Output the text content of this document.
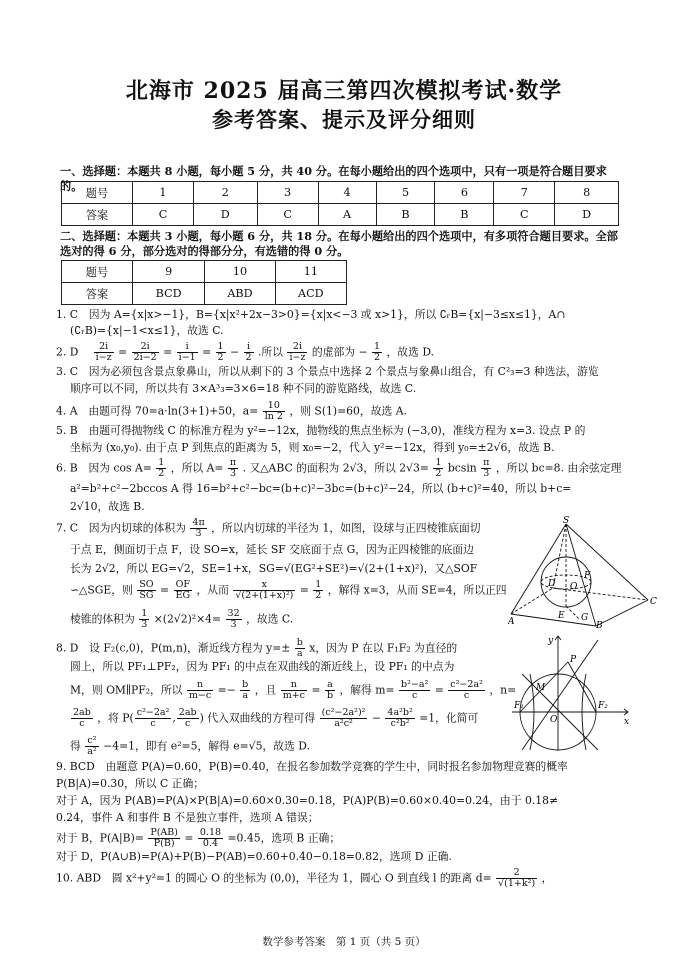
北海市 2025 届高三第四次模拟考试·数学
参考答案、提示及评分细则
一、选择题：本题共 8 小题，每小题 5 分，共 40 分。在每小题给出的四个选项中，只有一项是符合题目要求的。 题号	1	2	3	4	5	6	7	8
答案	C	D	C	A	B	B	C	D
二、选择题：本题共 3 小题，每小题 6 分，共 18 分。在每小题给出的四个选项中，有多项符合题目要求。全部选对的得 6 分，部分选对的得部分分，有选错的得 0 分。
题号	9	10	11
答案	BCD	ABD	ACD
1. C　因为 A={x|x>−1}，B={x|x²+2x−3>0}={x|x<−3 或 x>1}，所以 ∁ᵣB={x|−3≤x≤1}，A∩
(∁ᵣB)={x|−1<x≤1}，故选 C.
2. D　 $\frac{2i}{i-z} = \frac{2i}{2i-2} = \frac{i}{i-1} = \frac{1}{2} - \frac{i}{2}$ .所以 $\frac{2i}{i-z}$ 的虚部为 − $\frac{1}{2}$ ，故选 D.
3. C　因为必须包含景点象鼻山，所以从剩下的 3 个景点中选择 2 个景点与象鼻山组合，有 C²₃=3 种选法，游览
顺序可以不同，所以共有 3×A³₃=3×6=18 种不同的游览路线，故选 C.
4. A　由题可得 70=a·ln(3+1)+50，$a= \frac{10}{\ln 2}$ ，则 S(1)=60，故选 A.
5. B　由题可得抛物线 C 的标准方程为 y²=−12x，抛物线的焦点坐标为 (−3,0)，准线方程为 x=3. 设点 P 的
坐标为 (x₀,y₀). 由于点 P 到焦点的距离为 5，则 x₀=−2，代入 y²=−12x，得到 y₀=±2√6，故选 B.
6. B　因为 $\cos A= \frac{1}{2}$ ，所以 $A= \frac{\pi}{3}$ . 又△ABC 的面积为 2√3，所以 $2√3= \frac{1}{2}$ bcsin $\frac{\pi}{3}$ ，所以 bc=8. 由余弦定理
a²=b²+c²−2bccos A 得 16=b²+c²−bc=(b+c)²−3bc=(b+c)²−24，所以 (b+c)²=40，所以 b+c=
2√10，故选 B.
7. C　因为内切球的体积为 $\frac{4\pi}{3}$ ，所以内切球的半径为 1，如图，设球与正四棱锥底面切
于点 E，侧面切于点 F，设 SO=x，延长 SF 交底面于点 G，因为正四棱锥的底面边
长为 2√2，所以 EG=√2，SE=1+x，SG=√(EG²+SE²)=√(2+(1+x)²)，又△SOF
∽△SGE，则 $\frac{SO}{SG} = \frac{OF}{EG}$ ，从而 $\frac{x}{\text{√(2+(1+x)²)}} = \frac{1}{2}$ ，解得 x=3，从而 SE=4，所以正四
棱锥的体积为 $\frac{1}{3} \times(2√2)^2\times 4= \frac{32}{3}$ ，故选 C.
S
D O
F
C
A
E G
B
8. D　设 F₂(c,0)，P(m,n)，渐近线方程为 $y=\pm \frac{b}{a}$ x，因为 P 在以 F₁F₂ 为直径的
圆上，所以 PF₁⊥PF₂，因为 PF₁ 的中点在双曲线的渐近线上，设 PF₁ 的中点为
M，则 OM∥PF₂，所以 $\frac{n}{m-c} =- \frac{b}{a}$ ，且 $\frac{n}{m+c} = \frac{a}{b}$ ，解得 $m= \frac{\text{b²−a²}}{c} = \frac{\text{c²−2a²}}{c}$ ，n=
$\frac{2ab}{c}$ ，将 $P( \frac{\text{c²−2a²}}{c}$ , $\frac{2ab}{c}$ ) 代入双曲线的方程可得 $\frac{\text{(c²−2a²)²}}{\text{a²c²}} - \frac{\text{4a²b²}}{\text{c²b²}} =1$，化简可
得 $\frac{\text{c²}}{\text{a²}} -4=1$，即有 e²=5，解得 e=√5，故选 D.
y
P
M
F₁
O
F₂
x
9. BCD　由题意 P(A)=0.60，P(B)=0.40，在报名参加数学竞赛的学生中，同时报名参加物理竞赛的概率
P(B|A)=0.30，所以 C 正确；
对于 A，因为 P(AB)=P(A)×P(B|A)=0.60×0.30=0.18，P(A)P(B)=0.60×0.40=0.24，由于 0.18≠
0.24，事件 A 和事件 B 不是独立事件，选项 A 错误；
对于 B，$P(A|B)= \frac{P(AB)}{P(B)} = \frac{0.18}{0.4} =0.45$，选项 B 正确；
对于 D，P(A∪B)=P(A)+P(B)−P(AB)=0.60+0.40−0.18=0.82，选项 D 正确.
10. ABD　圆 x²+y²=1 的圆心 O 的坐标为 (0,0)，半径为 1，圆心 O 到直线 l 的距离 $d= \frac{2}{\text{√(1+k²)}}$ ，
数学参考答案　第 1 页（共 5 页）
